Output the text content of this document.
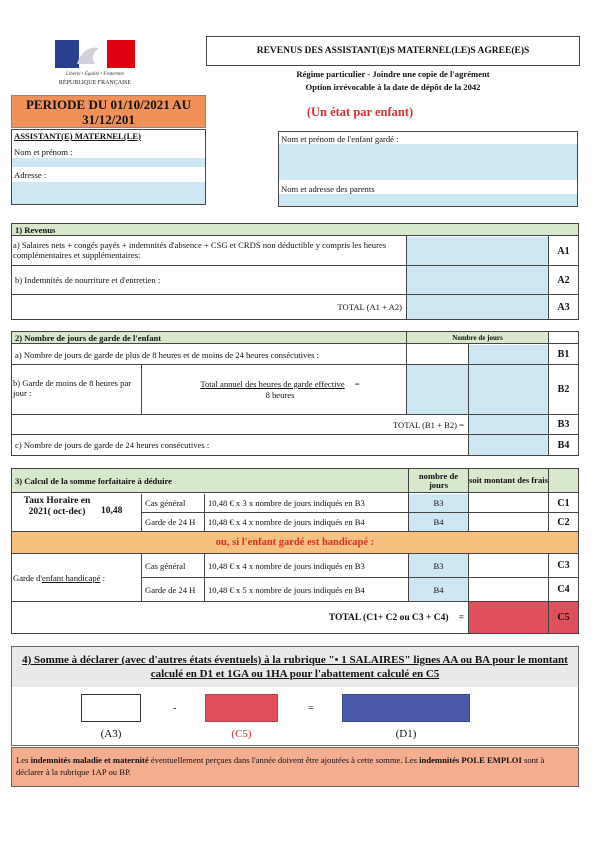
Liberté • Égalité • Fraternité
RÉPUBLIQUE FRANÇAISE
REVENUS DES ASSISTANT(E)S MATERNEL(LE)S AGREE(E)S
Régime particulier - Joindre une copie de l'agrément
Option irrévocable à la date de dépôt de la 2042
PERIODE DU 01/10/2021 AU
31/12/201	(Un état par enfant)
ASSISTANT(E) MATERNEL(LE)
Nom et prénom :
Adresse :
Nom et prénom de l'enfant gardé :
Nom et adresse des parents
1) Revenus
a) Salaires nets + congés payés + indemnités d'absence + CSG et CRDS non déductible y compris les heures complémentaires et supplémentaires:	A1
b) Indemnités de nourriture et d'entretien :	A2
TOTAL (A1 + A2)	A3
2) Nombre de jours de garde de l'enfant	Nombre de jours
a) Nombre de jours de garde de plus de 8 heures et de moins de 24 heures consécutives :	B1
b) Garde de moins de 8 heures par jour :
Total annuel des heures de garde effective =
8 heures	B2
TOTAL (B1 + B2) =	B3
c) Nombre de jours de garde de 24 heures consécutives :	B4
3) Calcul de la somme forfaitaire à déduire	nombre de jours	soit montant des frais
Taux Horaire en 2021( oct-dec)	10,48
Cas général	10,48 € x 3 x nombre de jours indiqués en B3	B3	C1
Garde de 24 H	10,48 € x 4 x nombre de jours indiqués en B4	B4	C2
ou, si l'enfant gardé est handicapé :
Garde d'enfant handicapé :
Cas général	10,48 € x 4 x nombre de jours indiqués en B3	B3	C3
Garde de 24 H	10,48 € x 5 x nombre de jours indiqués en B4	B4	C4
TOTAL (C1+ C2 ou C3 + C4) =	C5
4) Somme à déclarer (avec d'autres états éventuels) à la rubrique "• 1 SALAIRES" lignes AA ou BA pour le montant calculé en D1 et 1GA ou 1HA pour l'abattement calculé en C5
-	=
(A3)	(C5)	(D1)
Les indemnités maladie et maternité éventuellement perçues dans l'année doivent être ajoutées à cette somme. Les indemnités POLE EMPLOI sont à déclarer à la rubrique 1AP ou BP.
